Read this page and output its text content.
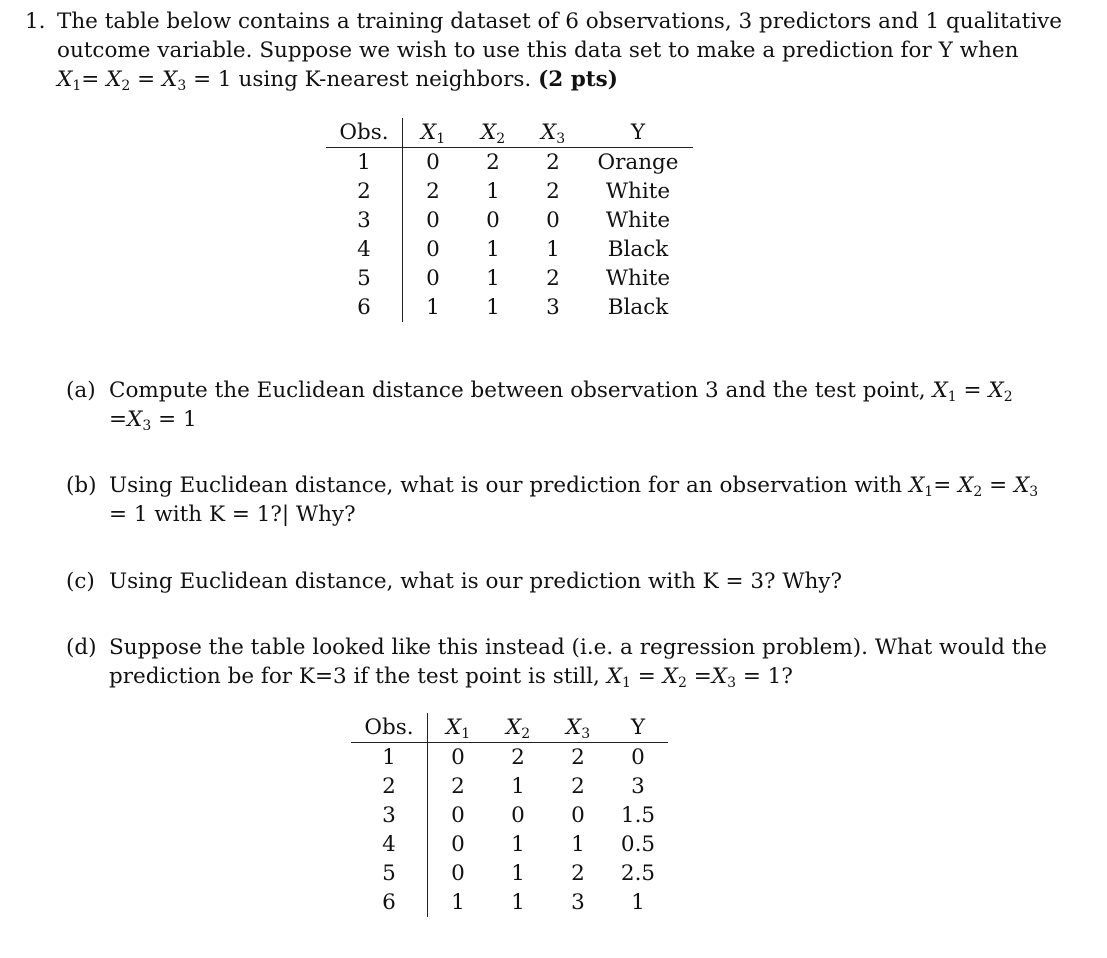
1. The table below contains a training dataset of 6 observations, 3 predictors and 1 qualitative
outcome variable. Suppose we wish to use this data set to make a prediction for Y when
$X_1= X_2 = X_3 = 1$ using K-nearest neighbors. (2 pts)
Obs.	$X_1$	$X_2$	$X_3$	Y
1	0	2	2	Orange
2	2	1	2	White
3	0	0	0	White
4	0	1	1	Black
5	0	1	2	White
6	1	1	3	Black
(a) Compute the Euclidean distance between observation 3 and the test point, $X_1 = X_2$
$=X_3 = 1$
(b) Using Euclidean distance, what is our prediction for an observation with $X_1= X_2 = X_3$
= 1 with K = 1?| Why?
(c) Using Euclidean distance, what is our prediction with K = 3? Why?
(d) Suppose the table looked like this instead (i.e. a regression problem). What would the
prediction be for K=3 if the test point is still, $X_1 = X_2 =X_3 = 1$?
Obs.	$X_1$	$X_2$	$X_3$	Y
1	0	2	2	0
2	2	1	2	3
3	0	0	0	1.5
4	0	1	1	0.5
5	0	1	2	2.5
6	1	1	3	1
